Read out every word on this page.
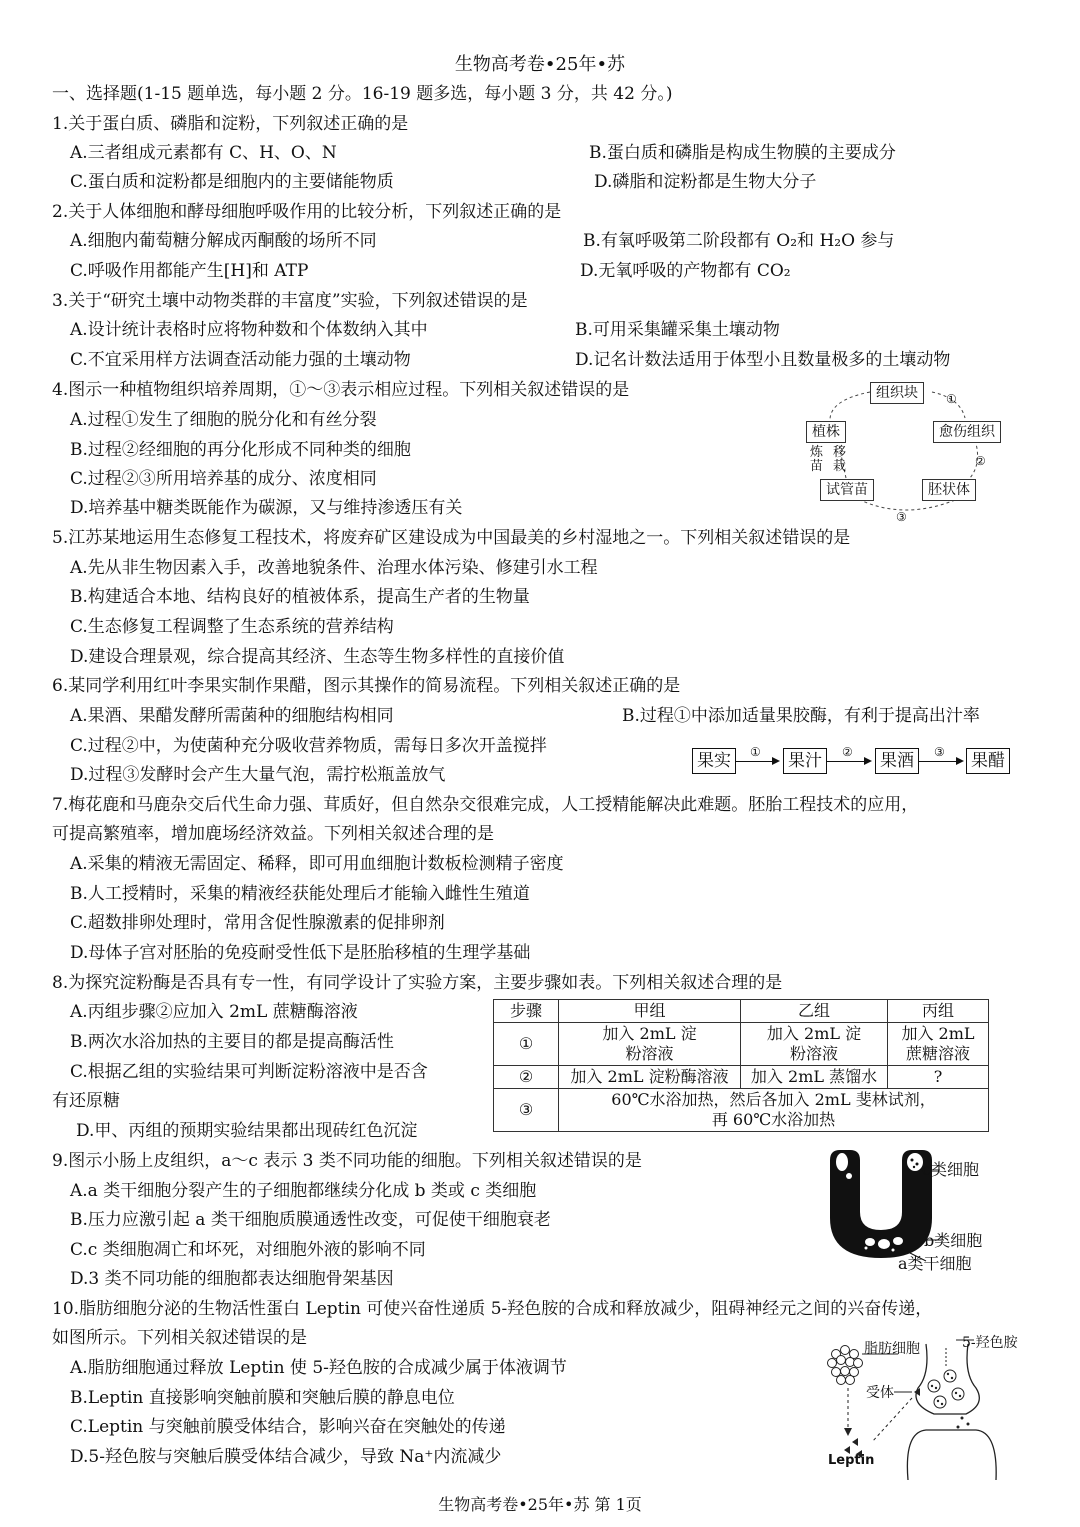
生物高考卷•25年•苏
一、选择题(1-15 题单选，每小题 2 分。16-19 题多选，每小题 3 分，共 42 分。)
1.关于蛋白质、磷脂和淀粉，下列叙述正确的是
A.三者组成元素都有 C、H、O、N	B.蛋白质和磷脂是构成生物膜的主要成分
C.蛋白质和淀粉都是细胞内的主要储能物质	D.磷脂和淀粉都是生物大分子
2.关于人体细胞和酵母细胞呼吸作用的比较分析，下列叙述正确的是
A.细胞内葡萄糖分解成丙酮酸的场所不同	B.有氧呼吸第二阶段都有 O₂和 H₂O 参与
C.呼吸作用都能产生[H]和 ATP	D.无氧呼吸的产物都有 CO₂
3.关于“研究土壤中动物类群的丰富度”实验，下列叙述错误的是
A.设计统计表格时应将物种数和个体数纳入其中	B.可用采集罐采集土壤动物
C.不宜采用样方法调查活动能力强的土壤动物	D.记名计数法适用于体型小且数量极多的土壤动物
4.图示一种植物组织培养周期，①～③表示相应过程。下列相关叙述错误的是
A.过程①发生了细胞的脱分化和有丝分裂
B.过程②经细胞的再分化形成不同种类的细胞
C.过程②③所用培养基的成分、浓度相同
D.培养基中糖类既能作为碳源，又与维持渗透压有关
组织块
愈伤组织
胚状体
试管苗
植株
①
②
③
炼苗
移栽
5.江苏某地运用生态修复工程技术，将废弃矿区建设成为中国最美的乡村湿地之一。下列相关叙述错误的是
A.先从非生物因素入手，改善地貌条件、治理水体污染、修建引水工程
B.构建适合本地、结构良好的植被体系，提高生产者的生物量
C.生态修复工程调整了生态系统的营养结构
D.建设合理景观，综合提高其经济、生态等生物多样性的直接价值
6.某同学利用红叶李果实制作果醋，图示其操作的简易流程。下列相关叙述正确的是
A.果酒、果醋发酵所需菌种的细胞结构相同	B.过程①中添加适量果胶酶，有利于提高出汁率
C.过程②中，为使菌种充分吸收营养物质，需每日多次开盖搅拌
D.过程③发酵时会产生大量气泡，需拧松瓶盖放气
果实	① 果汁	② 果酒	③ 果醋
7.梅花鹿和马鹿杂交后代生命力强、茸质好，但自然杂交很难完成，人工授精能解决此难题。胚胎工程技术的应用，
可提高繁殖率，增加鹿场经济效益。下列相关叙述合理的是
A.采集的精液无需固定、稀释，即可用血细胞计数板检测精子密度
B.人工授精时，采集的精液经获能处理后才能输入雌性生殖道
C.超数排卵处理时，常用含促性腺激素的促排卵剂
D.母体子宫对胚胎的免疫耐受性低下是胚胎移植的生理学基础
8.为探究淀粉酶是否具有专一性，有同学设计了实验方案，主要步骤如表。下列相关叙述合理的是
A.丙组步骤②应加入 2mL 蔗糖酶溶液
B.两次水浴加热的主要目的都是提高酶活性
C.根据乙组的实验结果可判断淀粉溶液中是否含
有还原糖
D.甲、丙组的预期实验结果都出现砖红色沉淀
步骤	甲组	乙组	丙组
①	加入 2mL 淀粉溶液	加入 2mL 淀粉溶液	加入 2mL 蔗糖溶液
②	加入 2mL 淀粉酶溶液	加入 2mL 蒸馏水	?
③	60℃水浴加热，然后各加入 2mL 斐林试剂，
再 60℃水浴加热		
9.图示小肠上皮组织，a～c 表示 3 类不同功能的细胞。下列相关叙述错误的是
A.a 类干细胞分裂产生的子细胞都继续分化成 b 类或 c 类细胞
B.压力应激引起 a 类干细胞质膜通透性改变，可促使干细胞衰老
C.c 类细胞凋亡和坏死，对细胞外液的影响不同
D.3 类不同功能的细胞都表达细胞骨架基因
c类细胞
b类细胞
a类干细胞
10.脂肪细胞分泌的生物活性蛋白 Leptin 可使兴奋性递质 5-羟色胺的合成和释放减少，阻碍神经元之间的兴奋传递，
如图所示。下列相关叙述错误的是
A.脂肪细胞通过释放 Leptin 使 5-羟色胺的合成减少属于体液调节
B.Leptin 直接影响突触前膜和突触后膜的静息电位
C.Leptin 与突触前膜受体结合，影响兴奋在突触处的传递
D.5-羟色胺与突触后膜受体结合减少，导致 Na⁺内流减少
脂肪细胞	5-羟色胺
受体
Leptin
生物高考卷•25年•苏 第 1页
